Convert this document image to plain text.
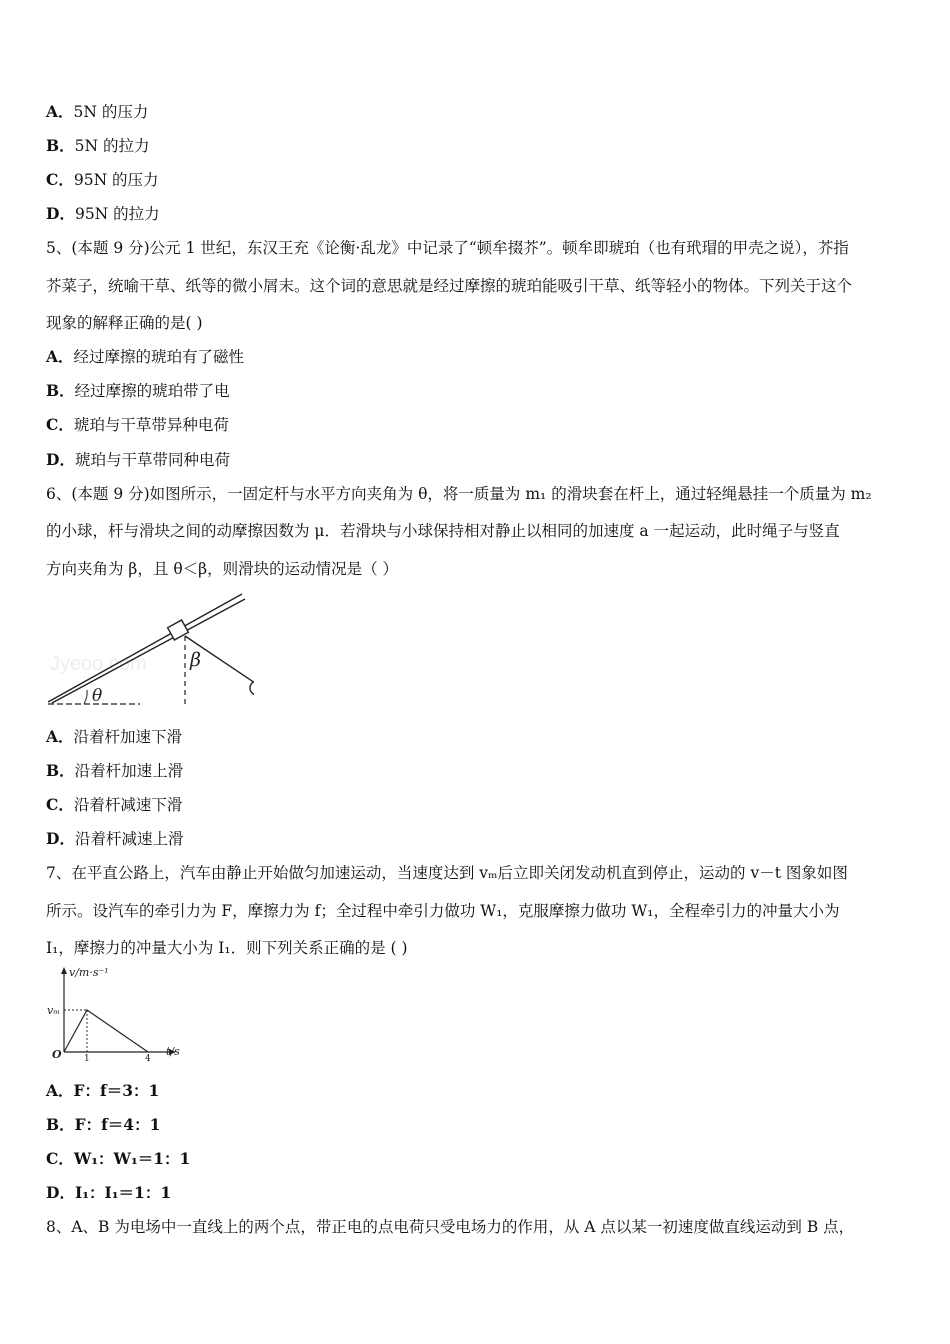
A．5N 的压力
B．5N 的拉力
C．95N 的压力
D．95N 的拉力
5、(本题 9 分)公元 1 世纪，东汉王充《论衡·乱龙》中记录了“顿牟掇芥”。顿牟即琥珀（也有玳瑁的甲壳之说），芥指
芥菜子，统喻干草、纸等的微小屑末。这个词的意思就是经过摩擦的琥珀能吸引干草、纸等轻小的物体。下列关于这个
现象的解释正确的是( )
A．经过摩擦的琥珀有了磁性
B．经过摩擦的琥珀带了电
C．琥珀与干草带异种电荷
D．琥珀与干草带同种电荷
6、(本题 9 分)如图所示，一固定杆与水平方向夹角为 θ，将一质量为 m₁ 的滑块套在杆上，通过轻绳悬挂一个质量为 m₂
的小球，杆与滑块之间的动摩擦因数为 μ．若滑块与小球保持相对静止以相同的加速度 a 一起运动，此时绳子与竖直
方向夹角为 β，且 θ＜β，则滑块的运动情况是（ ）
Jyeoo.com β
θ
A．沿着杆加速下滑
B．沿着杆加速上滑
C．沿着杆减速下滑
D．沿着杆减速上滑
7、在平直公路上，汽车由静止开始做匀加速运动，当速度达到 vₘ后立即关闭发动机直到停止，运动的 v－t 图象如图
所示。设汽车的牵引力为 F，摩擦力为 f；全过程中牵引力做功 W₁，克服摩擦力做功 W₁，全程牵引力的冲量大小为
I₁，摩擦力的冲量大小为 I₁．则下列关系正确的是 ( )
v/m·s⁻¹
vₘ
O 1	4
t/s
A．F：f＝3：1
B．F：f＝4：1
C．W₁：W₁＝1：1
D．I₁：I₁＝1：1
8、A、B 为电场中一直线上的两个点，带正电的点电荷只受电场力的作用，从 A 点以某一初速度做直线运动到 B 点，
